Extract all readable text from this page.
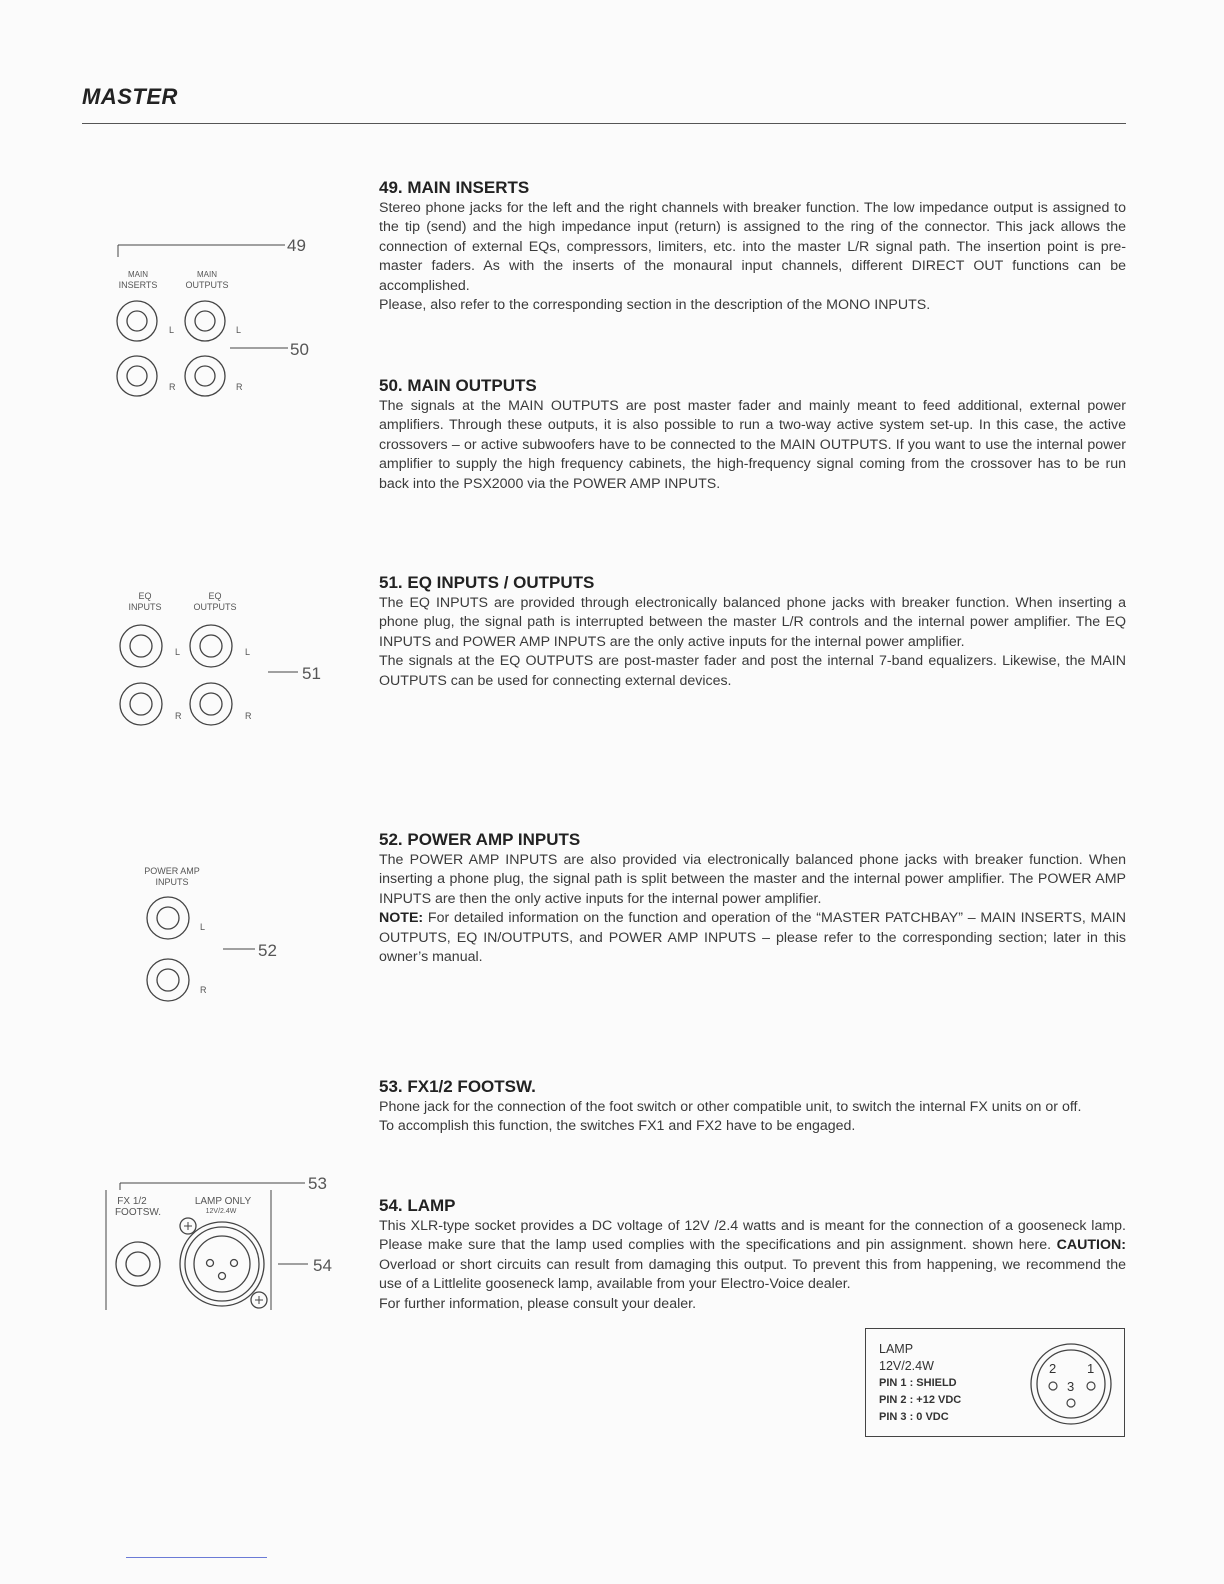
MASTER
49. MAIN INSERTS

Stereo phone jacks for the left and the right channels with breaker function. The low impedance output is assigned to the tip (send) and the high impedance input (return) is assigned to the ring of the connector. This jack allows the connection of external EQs, compressors, limiters, etc. into the master L/R signal path. The insertion point is pre-master faders. As with the inserts of the monaural input channels, different DIRECT OUT functions can be accomplished.

Please, also refer to the corresponding section in the description of the MONO INPUTS.

50. MAIN OUTPUTS

The signals at the MAIN OUTPUTS are post master fader and mainly meant to feed additional, external power amplifiers. Through these outputs, it is also possible to run a two-way active system set-up. In this case, the active crossovers – or active subwoofers have to be connected to the MAIN OUTPUTS. If you want to use the internal power amplifier to supply the high frequency cabinets, the high-frequency signal coming from the crossover has to be run back into the PSX2000 via the POWER AMP INPUTS.

51. EQ INPUTS / OUTPUTS

The EQ INPUTS are provided through electronically balanced phone jacks with breaker function. When inserting a phone plug, the signal path is interrupted between the master L/R controls and the internal power amplifier. The EQ INPUTS and POWER AMP INPUTS are the only active inputs for the internal power amplifier.

The signals at the EQ OUTPUTS are post-master fader and post the internal 7-band equalizers. Likewise, the MAIN OUTPUTS can be used for connecting external devices.

52. POWER AMP INPUTS

The POWER AMP INPUTS are also provided via electronically balanced phone jacks with breaker function. When inserting a phone plug, the signal path is split between the master and the internal power amplifier. The POWER AMP INPUTS are then the only active inputs for the internal power amplifier.

NOTE: For detailed information on the function and operation of the “MASTER PATCHBAY” – MAIN INSERTS, MAIN OUTPUTS, EQ IN/OUTPUTS, and POWER AMP INPUTS – please refer to the corresponding section; later in this owner’s manual.

53. FX1/2 FOOTSW.

Phone jack for the connection of the foot switch or other compatible unit, to switch the internal FX units on or off.

To accomplish this function, the switches FX1 and FX2 have to be engaged.

54. LAMP

This XLR-type socket provides a DC voltage of 12V /2.4 watts and is meant for the connection of a gooseneck lamp. Please make sure that the lamp used complies with the specifications and pin assignment. shown here. CAUTION: Overload or short circuits can result from damaging this output. To prevent this from happening, we recommend the use of a Littlelite gooseneck lamp, available from your Electro-Voice dealer.

For further information, please consult your dealer.

49
MAIN
INSERTS
MAIN
OUTPUTS
50
L	L
R	R
EQ
INPUTS
EQ
OUTPUTS
L	L
R	R
51
POWER AMP
INPUTS
L
R
52
53
FX 1/2
FOOTSW.
LAMP ONLY
12V/2.4W
54
LAMP
12V/2.4W
PIN 1 : SHIELD
PIN 2 : +12 VDC
PIN 3 : 0 VDC
2 1
3
